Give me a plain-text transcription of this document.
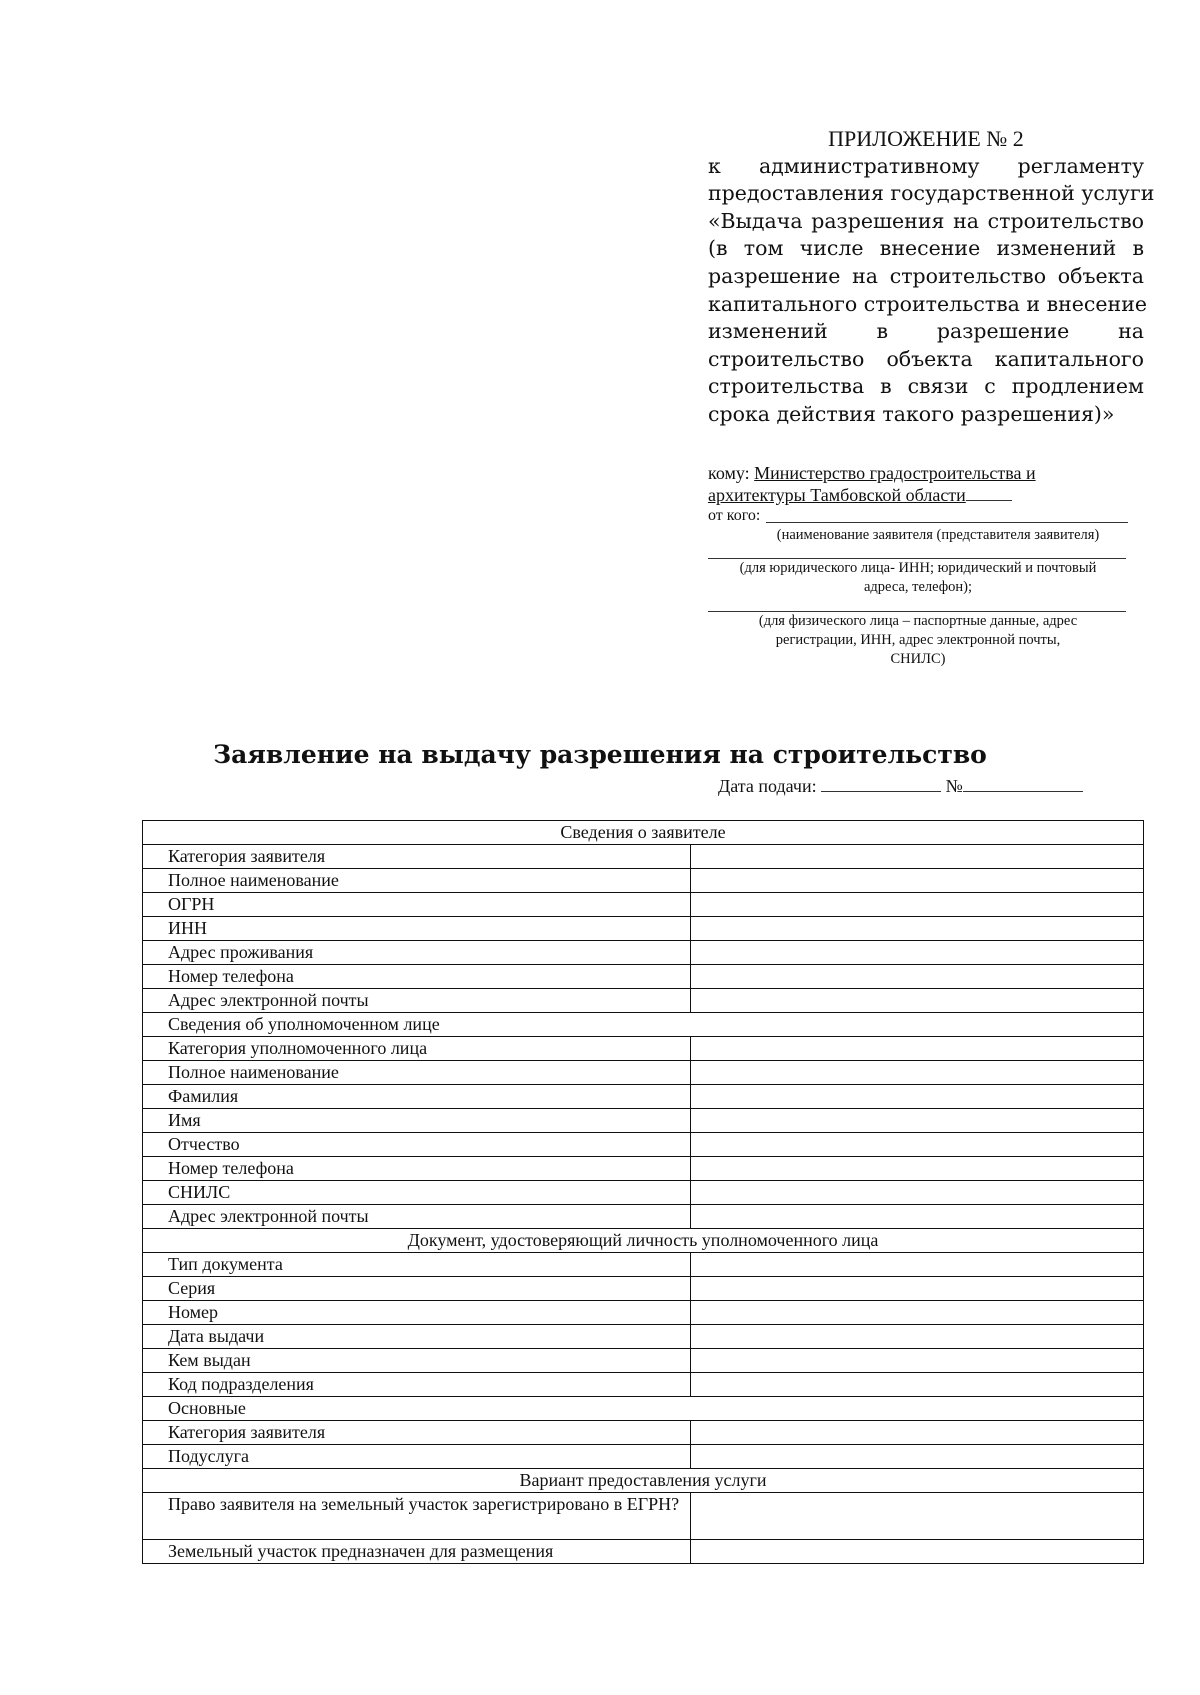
ПРИЛОЖЕНИЕ № 2
к административному регламенту
предоставления государственной услуги
«Выдача разрешения на строительство
(в том числе внесение изменений в
разрешение на строительство объекта
капитального строительства и внесение
изменений в разрешение на
строительство объекта капитального
строительства в связи с продлением
срока действия такого разрешения)»
кому: Министерство градостроительства и
архитектуры Тамбовской области
от кого:
(наименование заявителя (представителя заявителя)
(для юридического лица- ИНН; юридический и почтовый адреса, телефон);
(для физического лица – паспортные данные, адрес регистрации, ИНН, адрес электронной почты, СНИЛС)
Заявление на выдачу разрешения на строительство
Дата подачи:	№
Сведения о заявителе	
Категория заявителя	
Полное наименование	
ОГРН	
ИНН	
Адрес проживания	
Номер телефона	
Адрес электронной почты	
Сведения об уполномоченном лице	
Категория уполномоченного лица	
Полное наименование	
Фамилия	
Имя	
Отчество	
Номер телефона	
СНИЛС	
Адрес электронной почты	
Документ, удостоверяющий личность уполномоченного лица	
Тип документа	
Серия	
Номер	
Дата выдачи	
Кем выдан	
Код подразделения	
Основные	
Категория заявителя	
Подуслуга	
Вариант предоставления услуги	
Право заявителя на земельный участок зарегистрировано в ЕГРН?	
Земельный участок предназначен для размещения	
